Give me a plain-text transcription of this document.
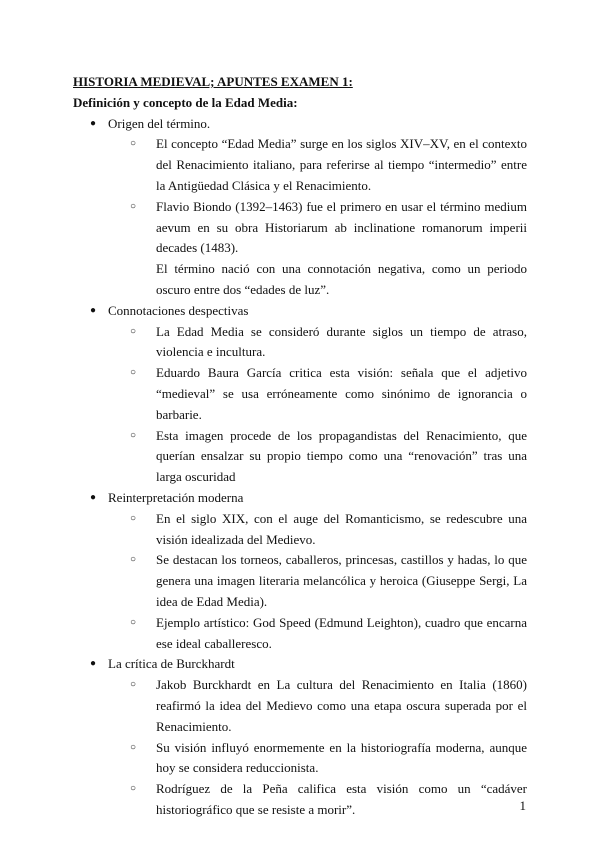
HISTORIA MEDIEVAL; APUNTES EXAMEN 1:

Definición y concepto de la Edad Media:

● Origen del término.
○ El concepto “Edad Media” surge en los siglos XIV–XV, en el contexto del Renacimiento italiano, para referirse al tiempo “intermedio” entre la Antigüedad Clásica y el Renacimiento.
○ Flavio Biondo (1392–1463) fue el primero en usar el término medium aevum en su obra Historiarum ab inclinatione romanorum imperii decades (1483).
El término nació con una connotación negativa, como un periodo oscuro entre dos “edades de luz”.
● Connotaciones despectivas
○ La Edad Media se consideró durante siglos un tiempo de atraso, violencia e incultura.
○ Eduardo Baura García critica esta visión: señala que el adjetivo “medieval” se usa erróneamente como sinónimo de ignorancia o barbarie.
○ Esta imagen procede de los propagandistas del Renacimiento, que querían ensalzar su propio tiempo como una “renovación” tras una larga oscuridad
● Reinterpretación moderna
○ En el siglo XIX, con el auge del Romanticismo, se redescubre una visión idealizada del Medievo.
○ Se destacan los torneos, caballeros, princesas, castillos y hadas, lo que genera una imagen literaria melancólica y heroica (Giuseppe Sergi, La idea de Edad Media).
○ Ejemplo artístico: God Speed (Edmund Leighton), cuadro que encarna ese ideal caballeresco.
● La crítica de Burckhardt
○ Jakob Burckhardt en La cultura del Renacimiento en Italia (1860) reafirmó la idea del Medievo como una etapa oscura superada por el Renacimiento.
○ Su visión influyó enormemente en la historiografía moderna, aunque hoy se considera reduccionista.
○ Rodríguez de la Peña califica esta visión como un “cadáver historiográfico que se resiste a morir”.	1
